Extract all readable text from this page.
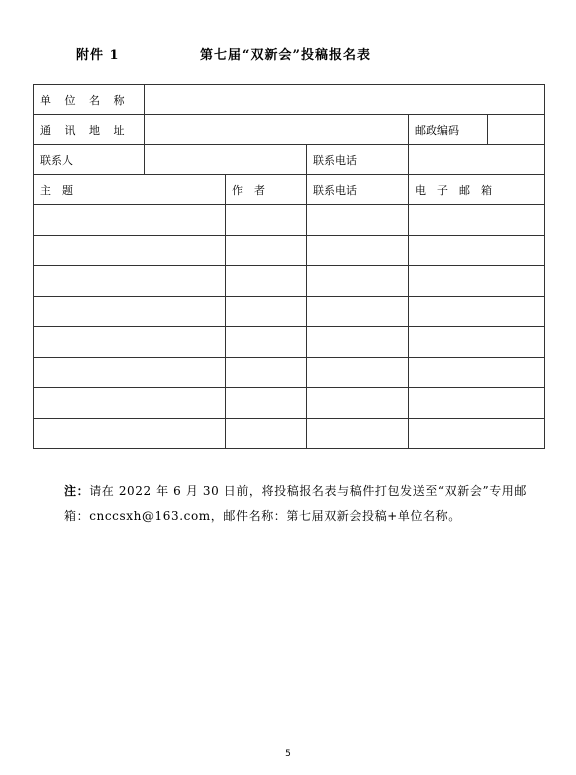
附件 1	第七届“双新会”投稿报名表
单 位 名 称					
通 讯 地 址				邮政编码	
联系人			联系电话		
主　题		作　者	联系电话	电　子　邮　箱	

注：请在 2022 年 6 月 30 日前，将投稿报名表与稿件打包发送至“双新会”专用邮箱：cnccsxh@163.com，邮件名称：第七届双新会投稿+单位名称。
5
